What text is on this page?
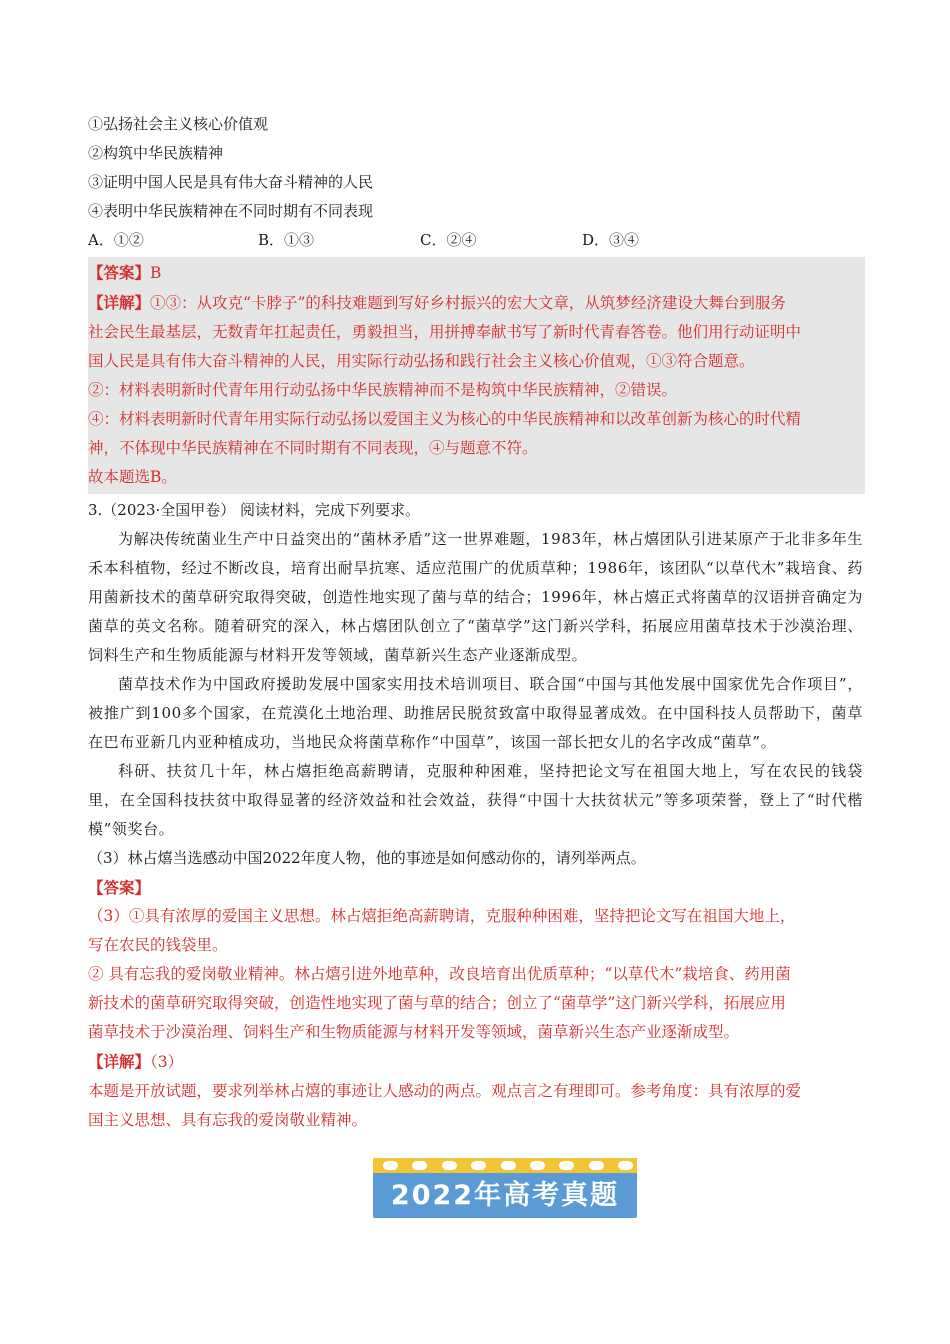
①弘扬社会主义核心价值观
②构筑中华民族精神
③证明中国人民是具有伟大奋斗精神的人民
④表明中华民族精神在不同时期有不同表现
A．①②	B．①③	C．②④	D．③④
【答案】B
【详解】①③：从攻克“卡脖子”的科技难题到写好乡村振兴的宏大文章，从筑梦经济建设大舞台到服务
社会民生最基层，无数青年扛起责任，勇毅担当，用拼搏奉献书写了新时代青春答卷。他们用行动证明中
国人民是具有伟大奋斗精神的人民，用实际行动弘扬和践行社会主义核心价值观，①③符合题意。
②：材料表明新时代青年用行动弘扬中华民族精神而不是构筑中华民族精神，②错误。
④：材料表明新时代青年用实际行动弘扬以爱国主义为核心的中华民族精神和以改革创新为核心的时代精
神，不体现中华民族精神在不同时期有不同表现，④与题意不符。
故本题选B。
3.（2023·全国甲卷） 阅读材料，完成下列要求。
为解决传统菌业生产中日益突出的“菌林矛盾”这一世界难题，1983年，林占熺团队引进某原产于北非多年生禾本科植物，经过不断改良，培育出耐旱抗寒、适应范围广的优质草种；1986年，该团队“以草代木”栽培食、药用菌新技术的菌草研究取得突破，创造性地实现了菌与草的结合；1996年，林占熺正式将菌草的汉语拼音确定为菌草的英文名称。随着研究的深入，林占熺团队创立了“菌草学”这门新兴学科，拓展应用菌草技术于沙漠治理、饲料生产和生物质能源与材料开发等领域，菌草新兴生态产业逐渐成型。
菌草技术作为中国政府援助发展中国家实用技术培训项目、联合国“中国与其他发展中国家优先合作项目”，被推广到100多个国家，在荒漠化土地治理、助推居民脱贫致富中取得显著成效。在中国科技人员帮助下，菌草在巴布亚新几内亚种植成功，当地民众将菌草称作“中国草”，该国一部长把女儿的名字改成“菌草”。
科研、扶贫几十年，林占熺拒绝高薪聘请，克服种种困难，坚持把论文写在祖国大地上，写在农民的钱袋里，在全国科技扶贫中取得显著的经济效益和社会效益，获得“中国十大扶贫状元”等多项荣誉，登上了“时代楷模”领奖台。
（3）林占熺当选感动中国2022年度人物，他的事迹是如何感动你的，请列举两点。
【答案】
（3）①具有浓厚的爱国主义思想。林占熺拒绝高薪聘请，克服种种困难，坚持把论文写在祖国大地上，
写在农民的钱袋里。
② 具有忘我的爱岗敬业精神。林占熺引进外地草种，改良培育出优质草种；“以草代木”栽培食、药用菌
新技术的菌草研究取得突破，创造性地实现了菌与草的结合；创立了“菌草学”这门新兴学科，拓展应用
菌草技术于沙漠治理、饲料生产和生物质能源与材料开发等领域，菌草新兴生态产业逐渐成型。
【详解】（3）
本题是开放试题，要求列举林占熺的事迹让人感动的两点。观点言之有理即可。参考角度：具有浓厚的爱
国主义思想、具有忘我的爱岗敬业精神。
2022年高考真题
